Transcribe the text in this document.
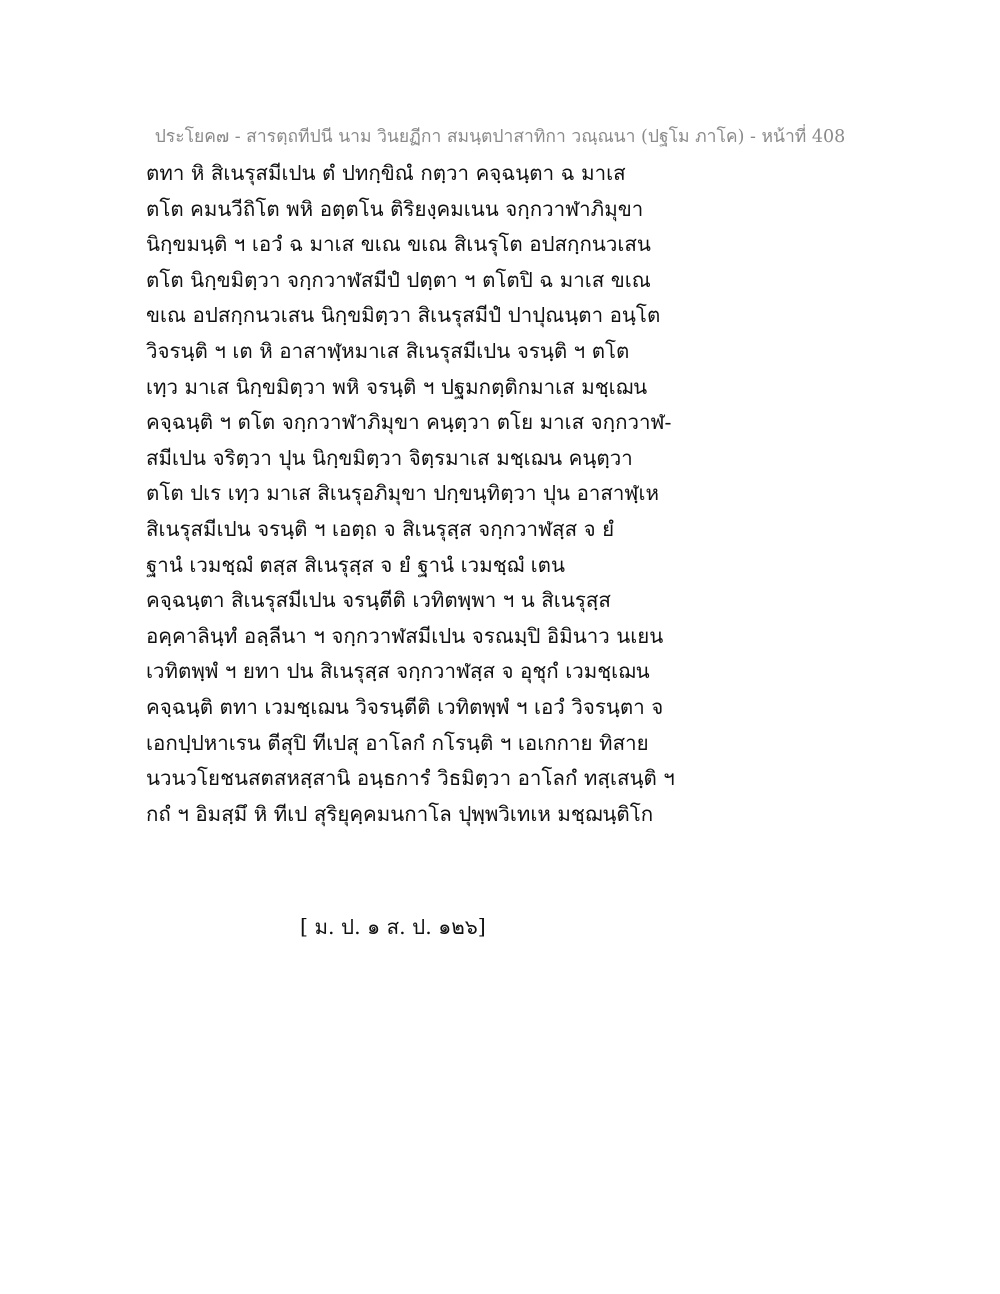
ประโยค๗ - สารตฺถทีปนี นาม วินยฏีกา สมนฺตปาสาทิกา วณฺณนา (ปฐโม ภาโค) - หน้าที่ 408
ตทา หิ สิเนรุสมีเปน ตํ ปทกฺขิณํ กตฺวา คจฺฉนฺตา ฉ มาเส
ตโต คมนวีถิโต พหิ อตฺตโน ติริยงฺคมเนน จกฺกวาฬาภิมุขา
นิกฺขมนฺติ ฯ เอวํ ฉ มาเส ขเณ ขเณ สิเนรุโต อปสกฺกนวเสน
ตโต นิกฺขมิตฺวา จกฺกวาฬสมีปํ ปตฺตา ฯ ตโตปิ ฉ มาเส ขเณ
ขเณ อปสกฺกนวเสน นิกฺขมิตฺวา สิเนรุสมีปํ ปาปุณนฺตา อนฺโต
วิจรนฺติ ฯ เต หิ อาสาฬฺหมาเส สิเนรุสมีเปน จรนฺติ ฯ ตโต
เทฺว มาเส นิกฺขมิตฺวา พหิ จรนฺติ ฯ ปฐมกตฺติกมาเส มชฺเฌน
คจฺฉนฺติ ฯ ตโต จกฺกวาฬาภิมุขา คนฺตฺวา ตโย มาเส จกฺกวาฬ-
สมีเปน จริตฺวา ปุน นิกฺขมิตฺวา จิตฺรมาเส มชฺเฌน คนฺตฺวา
ตโต ปเร เทฺว มาเส สิเนรุอภิมุขา ปกฺขนฺทิตฺวา ปุน อาสาฬฺเห
สิเนรุสมีเปน จรนฺติ ฯ เอตฺถ จ สิเนรุสฺส จกฺกวาฬสฺส จ ยํ
ฐานํ เวมชฺฌํ ตสฺส สิเนรุสฺส จ ยํ ฐานํ เวมชฺฌํ เตน
คจฺฉนฺตา สิเนรุสมีเปน จรนฺตีติ เวทิตพฺพา ฯ น สิเนรุสฺส
อคฺคาลินฺทํ อลฺลีนา ฯ จกฺกวาฬสมีเปน จรณมฺปิ อิมินาว นเยน
เวทิตพฺพํ ฯ ยทา ปน สิเนรุสฺส จกฺกวาฬสฺส จ อุชุกํ เวมชฺเฌน
คจฺฉนฺติ ตทา เวมชฺเฌน วิจรนฺตีติ เวทิตพฺพํ ฯ เอวํ วิจรนฺตา จ
เอกปฺปหาเรน ตีสุปิ ทีเปสุ อาโลกํ กโรนฺติ ฯ เอเกกาย ทิสาย
นวนวโยชนสตสหสฺสานิ อนฺธการํ วิธมิตฺวา อาโลกํ ทสฺเสนฺติ ฯ
กถํ ฯ อิมสฺมึ หิ ทีเป สุริยุคฺคมนกาโล ปุพฺพวิเทเห มชฺฌนฺติโก
[ ม. ป. ๑ ส. ป. ๑๒๖]
